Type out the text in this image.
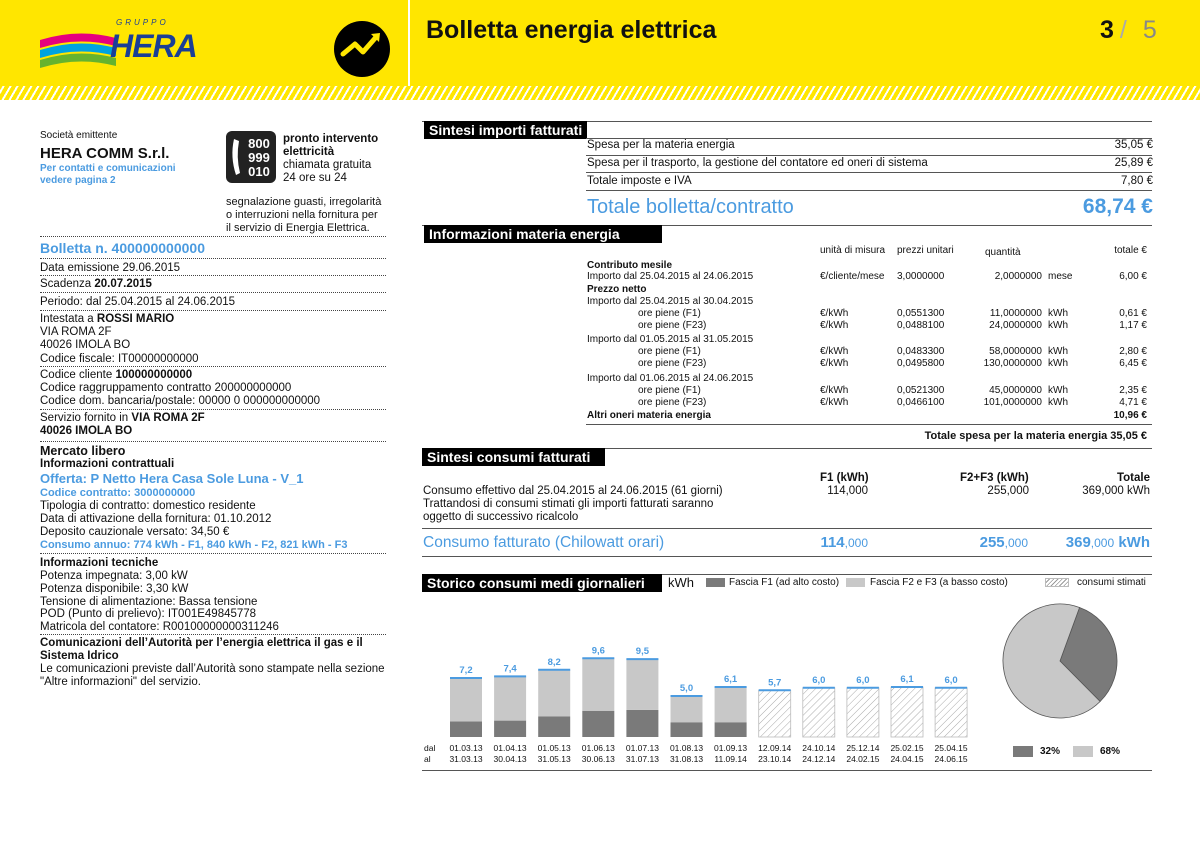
GRUPPO
HERA	Bolletta energia elettrica	3 / 5
Società emittente
HERA COMM S.r.l.
Per contatti e comunicazioni
vedere pagina 2
800
999
010
pronto intervento
elettricità
chiamata gratuita
24 ore su 24
segnalazione guasti, irregolarità
o interruzioni nella fornitura per
il servizio di Energia Elettrica.
Bolletta n. 400000000000
Data emissione 29.06.2015
Scadenza 20.07.2015
Periodo: dal 25.04.2015 al 24.06.2015
Intestata a ROSSI MARIO
VIA ROMA 2F
40026 IMOLA BO
Codice fiscale: IT00000000000
Codice cliente 100000000000
Codice raggruppamento contratto 200000000000
Codice dom. bancaria/postale: 00000 0 000000000000
Servizio fornito in VIA ROMA 2F
40026 IMOLA BO
Mercato libero
Informazioni contrattuali
Offerta: P Netto Hera Casa Sole Luna - V_1
Codice contratto: 3000000000
Tipologia di contratto: domestico residente
Data di attivazione della fornitura: 01.10.2012
Deposito cauzionale versato: 34,50 €
Consumo annuo: 774 kWh - F1, 840 kWh - F2, 821 kWh - F3
Informazioni tecniche
Potenza impegnata: 3,00 kW
Potenza disponibile: 3,30 kW
Tensione di alimentazione: Bassa tensione
POD (Punto di prelievo): IT001E49845778
Matricola del contatore: R00100000000311246
Comunicazioni dell’Autorità per l’energia elettrica il gas e il
Sistema Idrico
Le comunicazioni previste dall’Autorità sono stampate nella sezione
"Altre informazioni" del servizio.
Sintesi importi fatturati
Spesa per la materia energia	35,05 €
Spesa per il trasporto, la gestione del contatore ed oneri di sistema	25,89 €
Totale imposte e IVA	7,80 €
Totale bolletta/contratto	68,74 €
Informazioni materia energia
unità di misura prezzi unitari	quantità	totale €
Contributo mesile
Importo dal 25.04.2015 al 24.06.2015	€/cliente/mese 3,0000000	2,0000000 mese	6,00 €
Prezzo netto
Importo dal 25.04.2015 al 30.04.2015
ore piene (F1)	€/kWh	0,0551300	11,0000000 kWh	0,61 €
ore piene (F23)	€/kWh	0,0488100	24,0000000 kWh	1,17 €
Importo dal 01.05.2015 al 31.05.2015
ore piene (F1)	€/kWh	0,0483300	58,0000000 kWh	2,80 €
ore piene (F23)	€/kWh	0,0495800	130,0000000 kWh	6,45 €
Importo dal 01.06.2015 al 24.06.2015
ore piene (F1)	€/kWh	0,0521300	45,0000000 kWh	2,35 €
ore piene (F23)	€/kWh	0,0466100	101,0000000 kWh	4,71 €
Altri oneri materia energia	10,96 €
Totale spesa per la materia energia 35,05 €
Sintesi consumi fatturati
F1 (kWh)	F2+F3 (kWh)	Totale
Consumo effettivo dal 25.04.2015 al 24.06.2015 (61 giorni)
Trattandosi di consumi stimati gli importi fatturati saranno
oggetto di successivo ricalcolo
114,000	255,000	369,000 kWh
Consumo fatturato (Chilowatt orari)	114,000	255,000	369,000 kWh
Storico consumi medi giornalieri	kWh	Fascia F1 (ad alto costo)	Fascia F2 e F3 (a basso costo)	consumi stimati
dal
al
7,2
01.03.13
31.03.13
7,4
01.04.13
30.04.13
8,2
01.05.13
31.05.13
9,6
01.06.13
30.06.13
9,5
01.07.13
31.07.13
5,0
01.08.13
31.08.13
6,1
01.09.13
11.09.14
5,7
12.09.14
23.10.14
6,0
24.10.14
24.12.14
6,0
25.12.14
24.02.15
6,1
25.02.15
24.04.15
6,0
25.04.15
24.06.15
32%	68%
